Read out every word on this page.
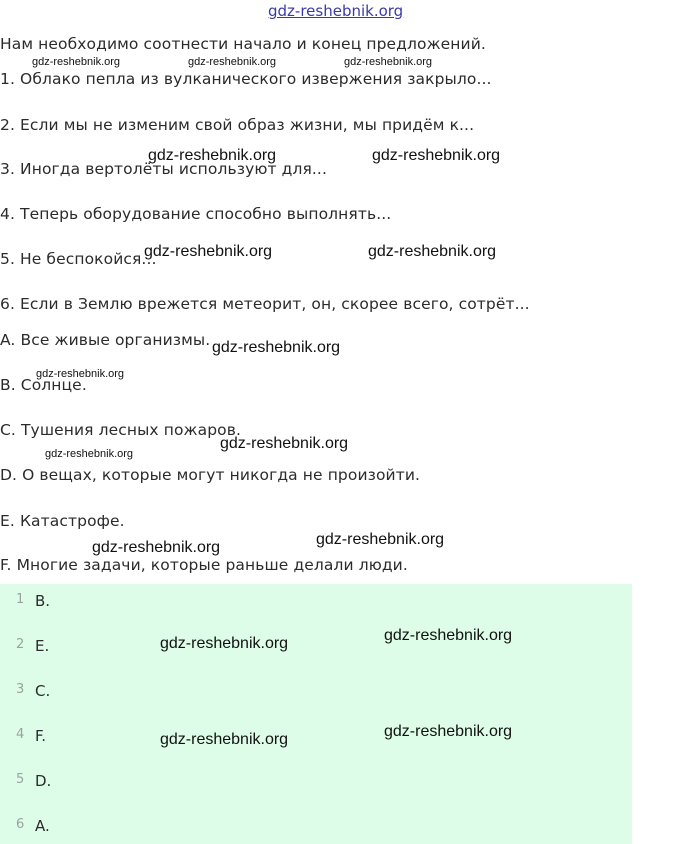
gdz-reshebnik.org
Нам необходимо соотнести начало и конец предложений.
1. Облако пепла из вулканического извержения закрыло...
2. Если мы не изменим свой образ жизни, мы придём к...
3. Иногда вертолёты используют для...
4. Теперь оборудование способно выполнять...
5. Не беспокойся...
6. Если в Землю врежется метеорит, он, скорее всего, сотрёт...
A. Все живые организмы.
B. Солнце.
C. Тушения лесных пожаров.
D. О вещах, которые могут никогда не произойти.
E. Катастрофе.
F. Многие задачи, которые раньше делали люди.
1 B.
2 E.
3 C.
4 F.
5 D.
6 A.
gdz-reshebnik.org	gdz-reshebnik.org	gdz-reshebnik.org
gdz-reshebnik.org
gdz-reshebnik.org
gdz-reshebnik.org	gdz-reshebnik.org
gdz-reshebnik.org	gdz-reshebnik.org
gdz-reshebnik.org
gdz-reshebnik.org
gdz-reshebnik.org	gdz-reshebnik.org
gdz-reshebnik.org	gdz-reshebnik.org
gdz-reshebnik.org	gdz-reshebnik.org
